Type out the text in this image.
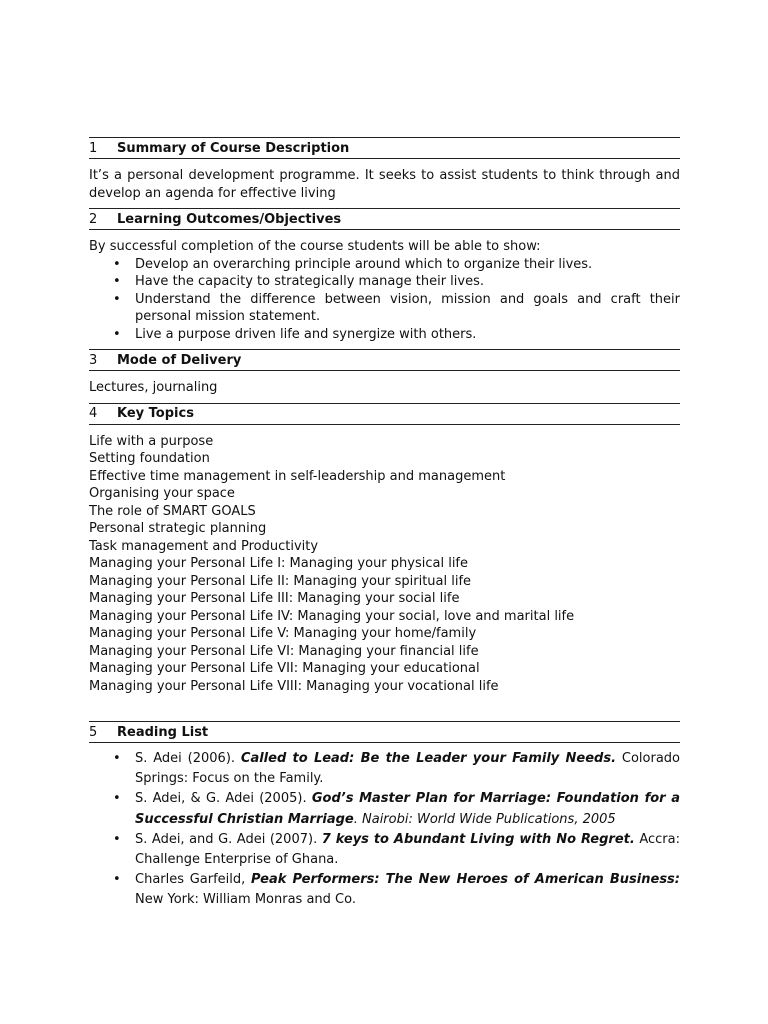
1	Summary of Course Description

It’s a personal development programme. It seeks to assist students to think through and develop an agenda for effective living

2	Learning Outcomes/Objectives

By successful completion of the course students will be able to show:

• Develop an overarching principle around which to organize their lives.
• Have the capacity to strategically manage their lives.
• Understand the difference between vision, mission and goals and craft their personal mission statement.
• Live a purpose driven life and synergize with others.
3	Mode of Delivery

Lectures, journaling

4	Key Topics
Life with a purpose
Setting foundation
Effective time management in self-leadership and management
Organising your space
The role of SMART GOALS
Personal strategic planning
Task management and Productivity
Managing your Personal Life I: Managing your physical life
Managing your Personal Life II: Managing your spiritual life
Managing your Personal Life III: Managing your social life
Managing your Personal Life IV: Managing your social, love and marital life
Managing your Personal Life V: Managing your home/family
Managing your Personal Life VI: Managing your financial life
Managing your Personal Life VII: Managing your educational
Managing your Personal Life VIII: Managing your vocational life
5	Reading List
• S. Adei (2006). Called to Lead: Be the Leader your Family Needs. Colorado Springs: Focus on the Family.
• S. Adei, & G. Adei (2005). God’s Master Plan for Marriage: Foundation for a Successful Christian Marriage. Nairobi: World Wide Publications, 2005
• S. Adei, and G. Adei (2007). 7 keys to Abundant Living with No Regret. Accra: Challenge Enterprise of Ghana.
• Charles Garfeild, Peak Performers: The New Heroes of American Business: New York: William Monras and Co.
